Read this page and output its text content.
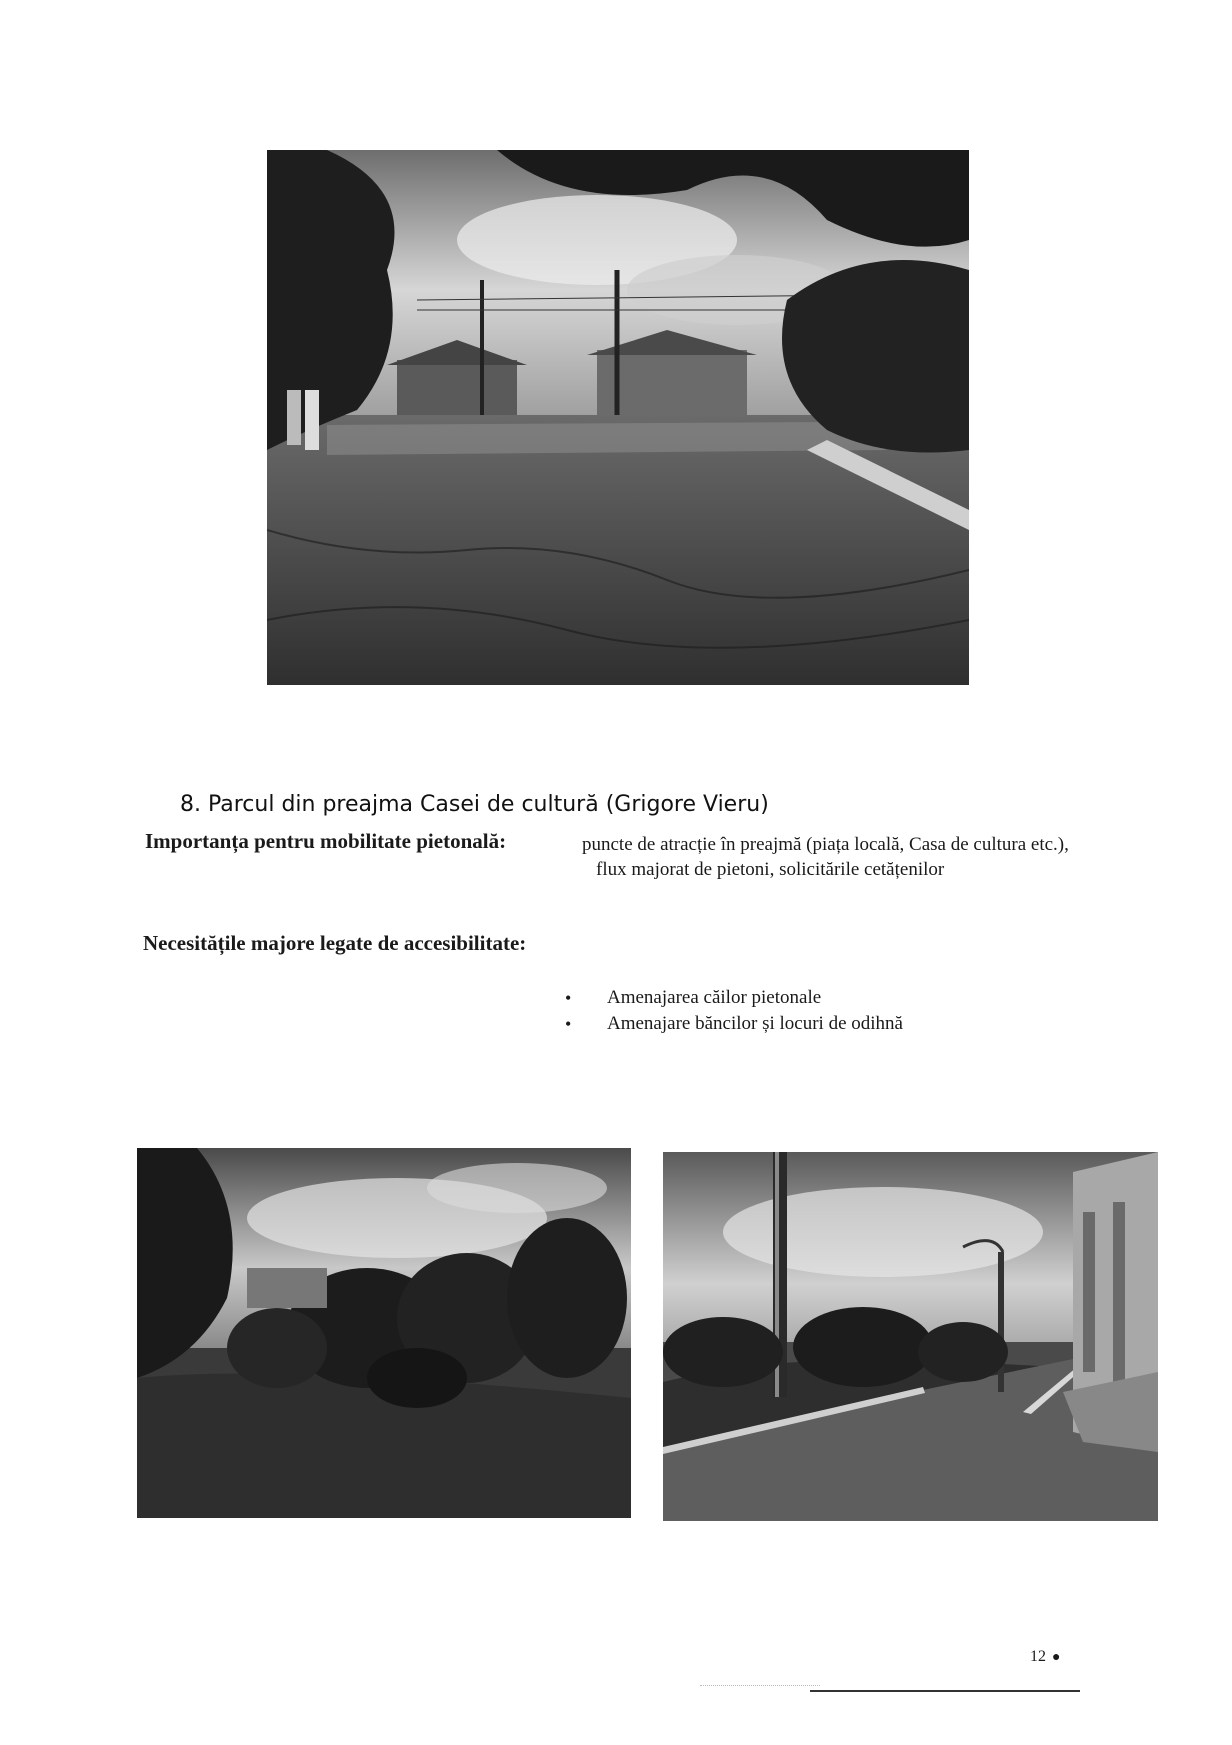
8. Parcul din preajma Casei de cultură (Grigore Vieru)
Importanța pentru mobilitate pietonală:	puncte de atracție în preajmă (piața locală, Casa de cultura etc.), flux majorat de pietoni, solicitările cetățenilor
Necesitățile majore legate de accesibilitate:
• Amenajarea căilor pietonale
• Amenajare băncilor și locuri de odihnă
12 ●
